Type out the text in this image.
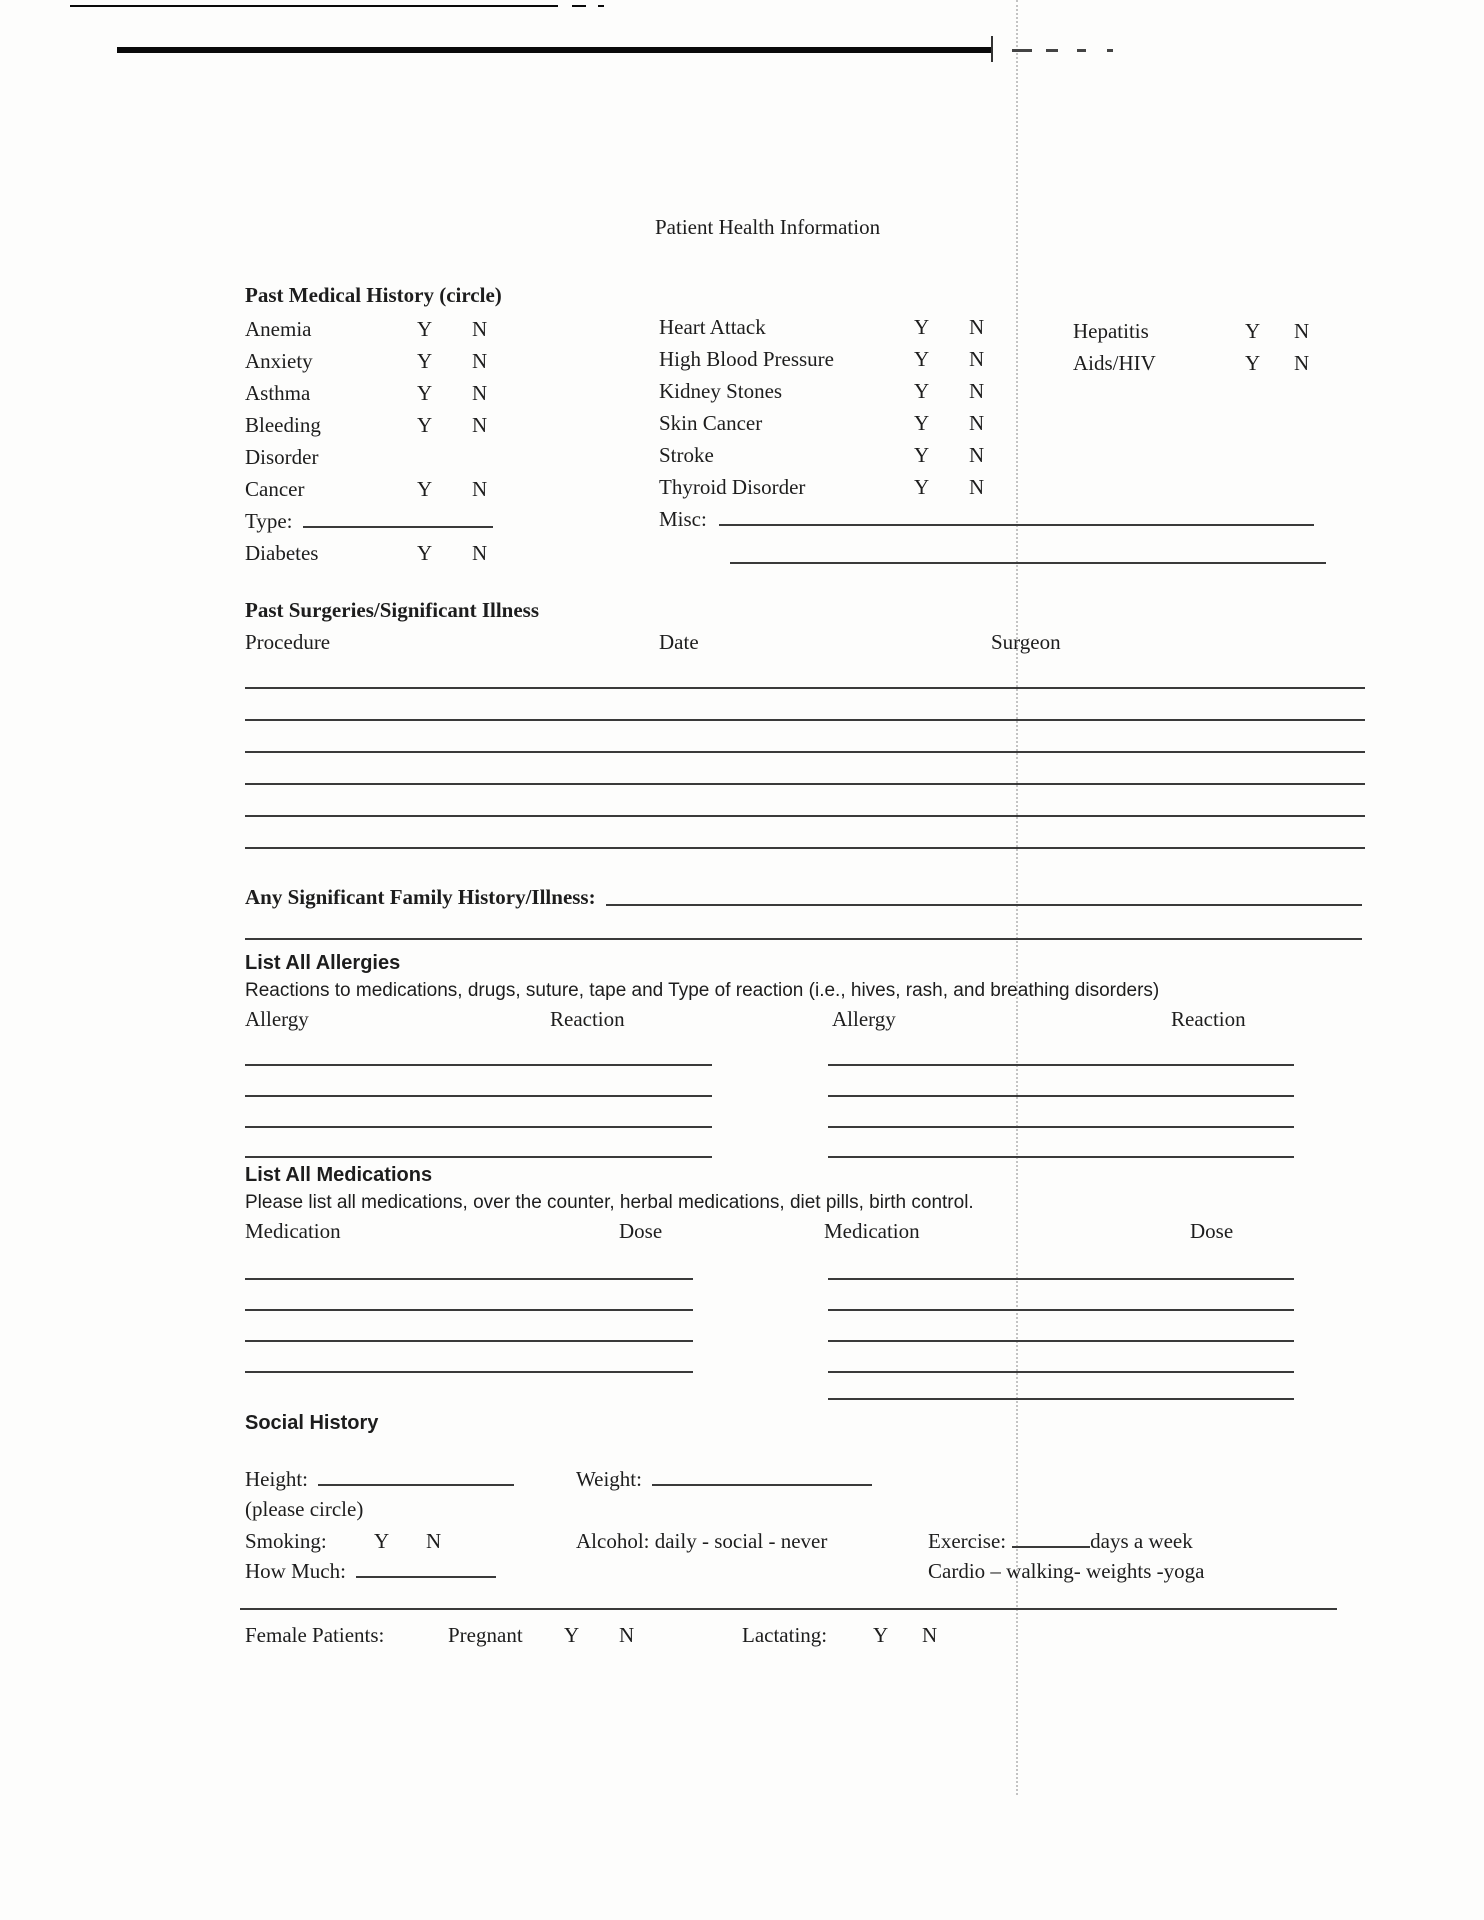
Patient Health Information
Past Medical History (circle)
Anemia	Y N
Anxiety	Y N
Asthma	Y N
Bleeding	Y N
Disorder
Cancer	Y N
Type:
Diabetes	Y N
Heart Attack	Y N
High Blood Pressure	Y N
Kidney Stones	Y N
Skin Cancer	Y N
Stroke	Y N
Thyroid Disorder	Y N
Misc:
Hepatitis	Y N
Aids/HIV	Y N
Past Surgeries/Significant Illness
Procedure	Date	Surgeon
Any Significant Family History/Illness:
List All Allergies
Reactions to medications, drugs, suture, tape and Type of reaction (i.e., hives, rash, and breathing disorders)
Allergy	Reaction	Allergy	Reaction
List All Medications
Please list all medications, over the counter, herbal medications, diet pills, birth control.
Medication	Dose	Medication	Dose
Social History
Height:	Weight:
(please circle)
Smoking: Y N	Alcohol: daily - social - never	Exercise:	days a week
How Much:	Cardio – walking- weights -yoga
Female Patients:	Pregnant Y N	Lactating: Y N
